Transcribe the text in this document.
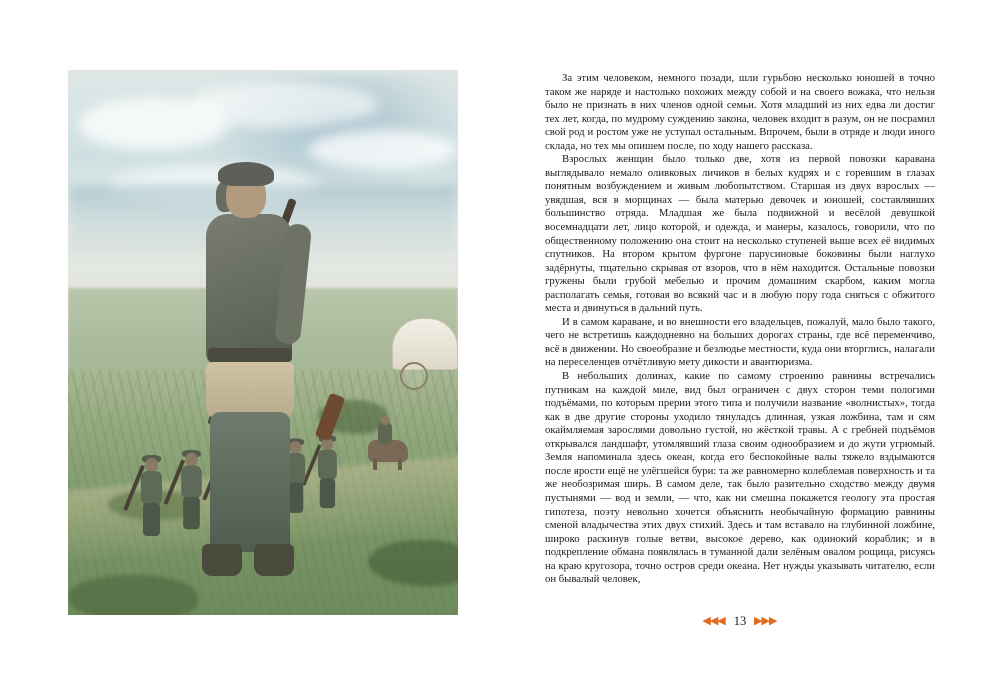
За этим человеком, немного позади, шли гурьбою несколько юношей в точно таком же наряде и настолько похожих между собой и на своего вожака, что нельзя было не признать в них членов одной семьи. Хотя младший из них едва ли достиг тех лет, когда, по мудрому суждению закона, человек входит в разум, он не посрамил свой род и ростом уже не уступал остальным. Впрочем, были в отряде и люди иного склада, но тех мы опишем после, по ходу нашего рассказа.

Взрослых женщин было только две, хотя из первой повозки каравана выглядывало немало оливковых личиков в белых кудрях и с горевшим в глазах понятным возбуждением и живым любопытством. Старшая из двух взрослых — увядшая, вся в морщинах — была матерью девочек и юношей, составлявших большинство отряда. Младшая же была подвижной и весёлой девушкой восемнадцати лет, лицо которой, и одежда, и манеры, казалось, говорили, что по общественному положению она стоит на несколько ступеней выше всех её видимых спутников. На втором крытом фургоне парусиновые боковины были наглухо задёрнуты, тщательно скрывая от взоров, что в нём находится. Остальные повозки гружены были грубой мебелью и прочим домашним скарбом, каким могла располагать семья, готовая во всякий час и в любую пору года сняться с обжитого места и двинуться в дальний путь.

И в самом караване, и во внешности его владельцев, пожалуй, мало было такого, чего не встретишь каждодневно на больших дорогах страны, где всё переменчиво, всё в движении. Но своеобразие и безлюдье местности, куда они вторглись, налагали на переселенцев отчётливую мету дикости и авантюризма.

В небольших долинах, какие по самому строению равнины встречались путникам на каждой миле, вид был ограничен с двух сторон теми пологими подъёмами, по которым прерии этого типа и получили название «волнистых», тогда как в две другие стороны уходило тянуладсь длинная, узкая ложбина, там и сям окаймляемая зарослями довольно густой, но жёсткой травы. А с гребней подъёмов открывался ландшафт, утомлявший глаза своим однообразием и до жути угрюмый. Земля напоминала здесь океан, когда его беспокойные валы тяжело вздымаются после ярости ещё не улёгшейся бури: та же равномерно колеблемая поверхность и та же необозримая ширь. В самом деле, так было разительно сходство между двумя пустынями — вод и земли, — что, как ни смешна покажется геологу эта простая гипотеза, поэту невольно хочется объяснить необычайную формацию равнины сменой владычества этих двух стихий. Здесь и там вставало на глубинной ложбине, широко раскинув голые ветви, высокое дерево, как одинокий кораблик; и в подкрепление обмана появлялась в туманной дали зелёным овалом рощица, рисуясь на краю кругозора, точно остров среди океана. Нет нужды указывать читателю, если он бывалый человек,

◀◀◀ 13 ◀◀◀
